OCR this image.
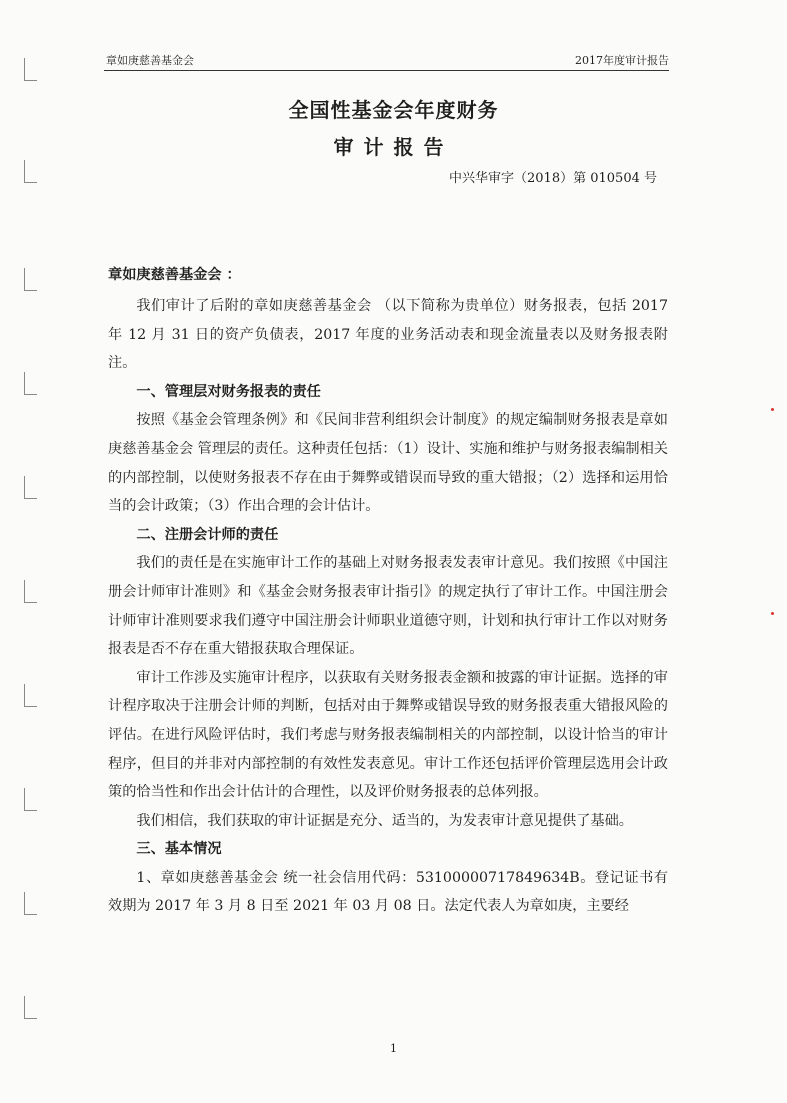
章如庚慈善基金会	2017年度审计报告
全国性基金会年度财务
审计报告
中兴华审字（2018）第 010504 号
章如庚慈善基金会 ：

我们审计了后附的章如庚慈善基金会 （以下简称为贵单位）财务报表，包括 2017 年 12 月 31 日的资产负债表，2017 年度的业务活动表和现金流量表以及财务报表附注。

一、管理层对财务报表的责任

按照《基金会管理条例》和《民间非营利组织会计制度》的规定编制财务报表是章如庚慈善基金会 管理层的责任。这种责任包括：（1）设计、实施和维护与财务报表编制相关的内部控制，以使财务报表不存在由于舞弊或错误而导致的重大错报；（2）选择和运用恰当的会计政策；（3）作出合理的会计估计。

二、注册会计师的责任

我们的责任是在实施审计工作的基础上对财务报表发表审计意见。我们按照《中国注册会计师审计准则》和《基金会财务报表审计指引》的规定执行了审计工作。中国注册会计师审计准则要求我们遵守中国注册会计师职业道德守则，计划和执行审计工作以对财务报表是否不存在重大错报获取合理保证。

审计工作涉及实施审计程序，以获取有关财务报表金额和披露的审计证据。选择的审计程序取决于注册会计师的判断，包括对由于舞弊或错误导致的财务报表重大错报风险的评估。在进行风险评估时，我们考虑与财务报表编制相关的内部控制，以设计恰当的审计程序，但目的并非对内部控制的有效性发表意见。审计工作还包括评价管理层选用会计政策的恰当性和作出会计估计的合理性，以及评价财务报表的总体列报。

我们相信，我们获取的审计证据是充分、适当的，为发表审计意见提供了基础。

三、基本情况

1、章如庚慈善基金会 统一社会信用代码：53100000717849634B。登记证书有效期为 2017 年 3 月 8 日至 2021 年 03 月 08 日。法定代表人为章如庚，主要经

1
